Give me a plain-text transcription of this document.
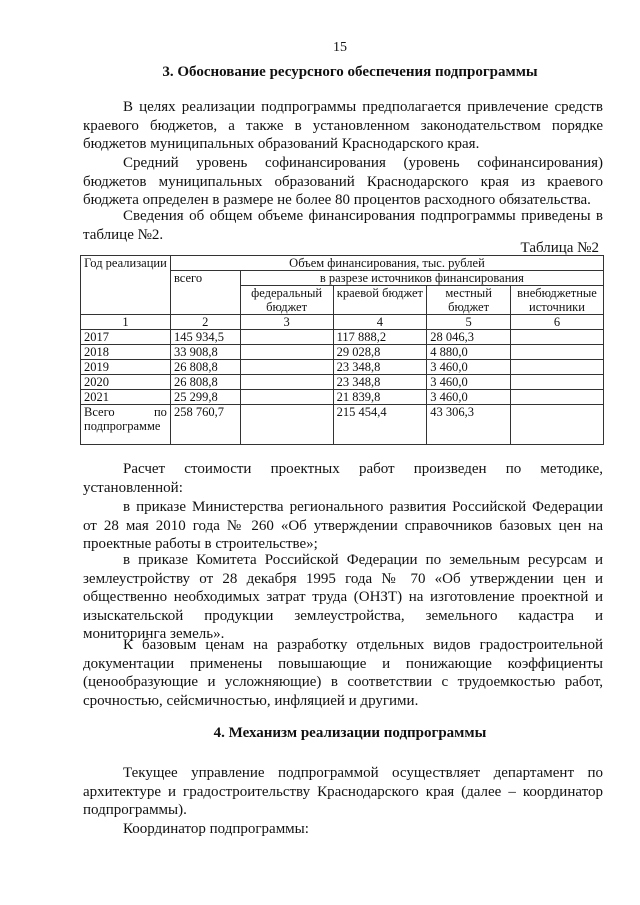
15
3. Обоснование ресурсного обеспечения подпрограммы
В целях реализации подпрограммы предполагается привлечение средств краевого бюджетов, а также в установленном законодательством порядке бюджетов муниципальных образований Краснодарского края.
Средний уровень софинансирования (уровень софинансирования) бюджетов муниципальных образований Краснодарского края из краевого бюджета определен в размере не более 80 процентов расходного обязательства.
Сведения об общем объеме финансирования подпрограммы приведены в таблице №2.
Таблица №2
Год реализации	Объем финансирования, тыс. рублей				
	всего	в разрезе источников финансирования			
		федеральный бюджет	краевой бюджет	местный бюджет	внебюджетные источники
1	2	3	4	5	6
2017	145 934,5		117 888,2	28 046,3	
2018	33 908,8		29 028,8	4 880,0	
2019	26 808,8		23 348,8	3 460,0	
2020	26 808,8		23 348,8	3 460,0	
2021	25 299,8		21 839,8	3 460,0	
Всего по подпрограмме	258 760,7		215 454,4	43 306,3	
Расчет стоимости проектных работ произведен по методике, установленной:
в приказе Министерства регионального развития Российской Федерации от 28 мая 2010 года № 260 «Об утверждении справочников базовых цен на проектные работы в строительстве»;
в приказе Комитета Российской Федерации по земельным ресурсам и землеустройству от 28 декабря 1995 года № 70 «Об утверждении цен и общественно необходимых затрат труда (ОНЗТ) на изготовление проектной и изыскательской продукции землеустройства, земельного кадастра и мониторинга земель».
К базовым ценам на разработку отдельных видов градостроительной документации применены повышающие и понижающие коэффициенты (ценообразующие и усложняющие) в соответствии с трудоемкостью работ, срочностью, сейсмичностью, инфляцией и другими.
4. Механизм реализации подпрограммы
Текущее управление подпрограммой осуществляет департамент по архитектуре и градостроительству Краснодарского края (далее – координатор подпрограммы).
Координатор подпрограммы:
